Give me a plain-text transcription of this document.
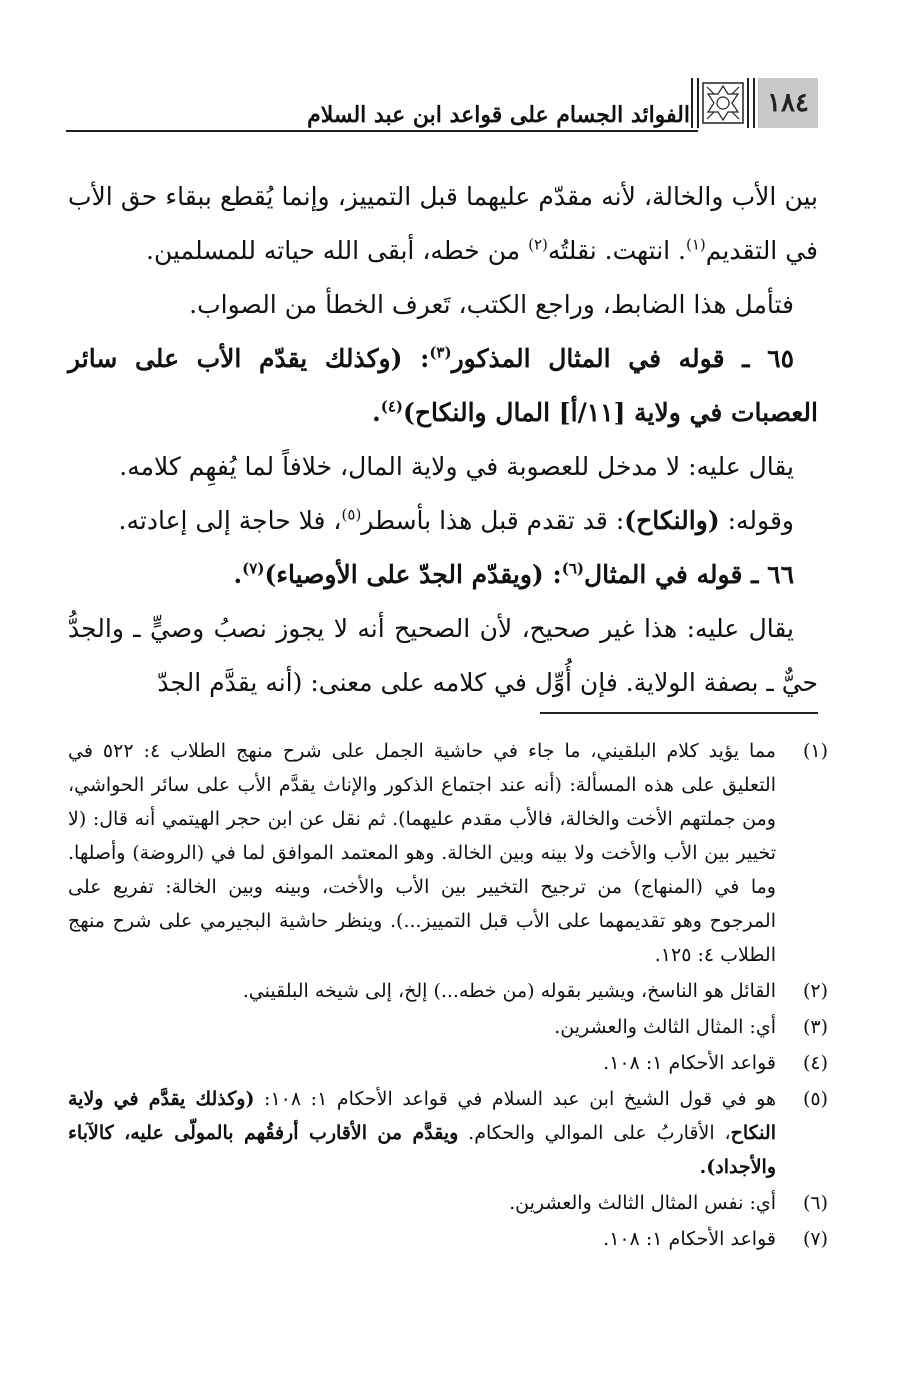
الفوائد الجسام على قواعد ابن عبد السلام	١٨٤

بين الأب والخالة، لأنه مقدّم عليهما قبل التمييز، وإنما يُقطع ببقاء حق الأب في التقديم$^{(١)}$. انتهت. نقلتُه$^{(٢)}$ من خطه، أبقى الله حياته للمسلمين.

فتأمل هذا الضابط، وراجع الكتب، تَعرف الخطأ من الصواب.

٦٥ ـ قوله في المثال المذكور$^{(٣)}$: (وكذلك يقدّم الأب على سائر العصبات في ولاية [١١/أ] المال والنكاح)$^{(٤)}$.

يقال عليه: لا مدخل للعصوبة في ولاية المال، خلافاً لما يُفهِم كلامه.

وقوله: (والنكاح): قد تقدم قبل هذا بأسطر$^{(٥)}$، فلا حاجة إلى إعادته.

٦٦ ـ قوله في المثال$^{(٦)}$: (ويقدّم الجدّ على الأوصياء)$^{(٧)}$.

يقال عليه: هذا غير صحيح، لأن الصحيح أنه لا يجوز نصبُ وصيٍّ ـ والجدُّ حيٌّ ـ بصفة الولاية. فإن أُوِّل في كلامه على معنى: (أنه يقدَّم الجدّ

(١)
مما يؤيد كلام البلقيني، ما جاء في حاشية الجمل على شرح منهج الطلاب ٤: ٥٢٢ في التعليق على هذه المسألة: (أنه عند اجتماع الذكور والإناث يقدَّم الأب على سائر الحواشي، ومن جملتهم الأخت والخالة، فالأب مقدم عليهما). ثم نقل عن ابن حجر الهيتمي أنه قال: (لا تخيير بين الأب والأخت ولا بينه وبين الخالة. وهو المعتمد الموافق لما في (الروضة) وأصلها. وما في (المنهاج) من ترجيح التخيير بين الأب والأخت، وبينه وبين الخالة: تفريع على المرجوح وهو تقديمهما على الأب قبل التمييز...). وينظر حاشية البجيرمي على شرح منهج الطلاب ٤: ١٢٥.
(٢)
القائل هو الناسخ، ويشير بقوله (من خطه...) إلخ، إلى شيخه البلقيني.
(٣)
أي: المثال الثالث والعشرين.
(٤)
قواعد الأحكام ١: ١٠٨.
(٥)
هو في قول الشيخ ابن عبد السلام في قواعد الأحكام ١: ١٠٨: (وكذلك يقدَّم في ولاية النكاح، الأقاربُ على الموالي والحكام. ويقدَّم من الأقارب أرفقُهم بالمولّى عليه، كالآباء والأجداد).
(٦)
أي: نفس المثال الثالث والعشرين.
(٧)
قواعد الأحكام ١: ١٠٨.
